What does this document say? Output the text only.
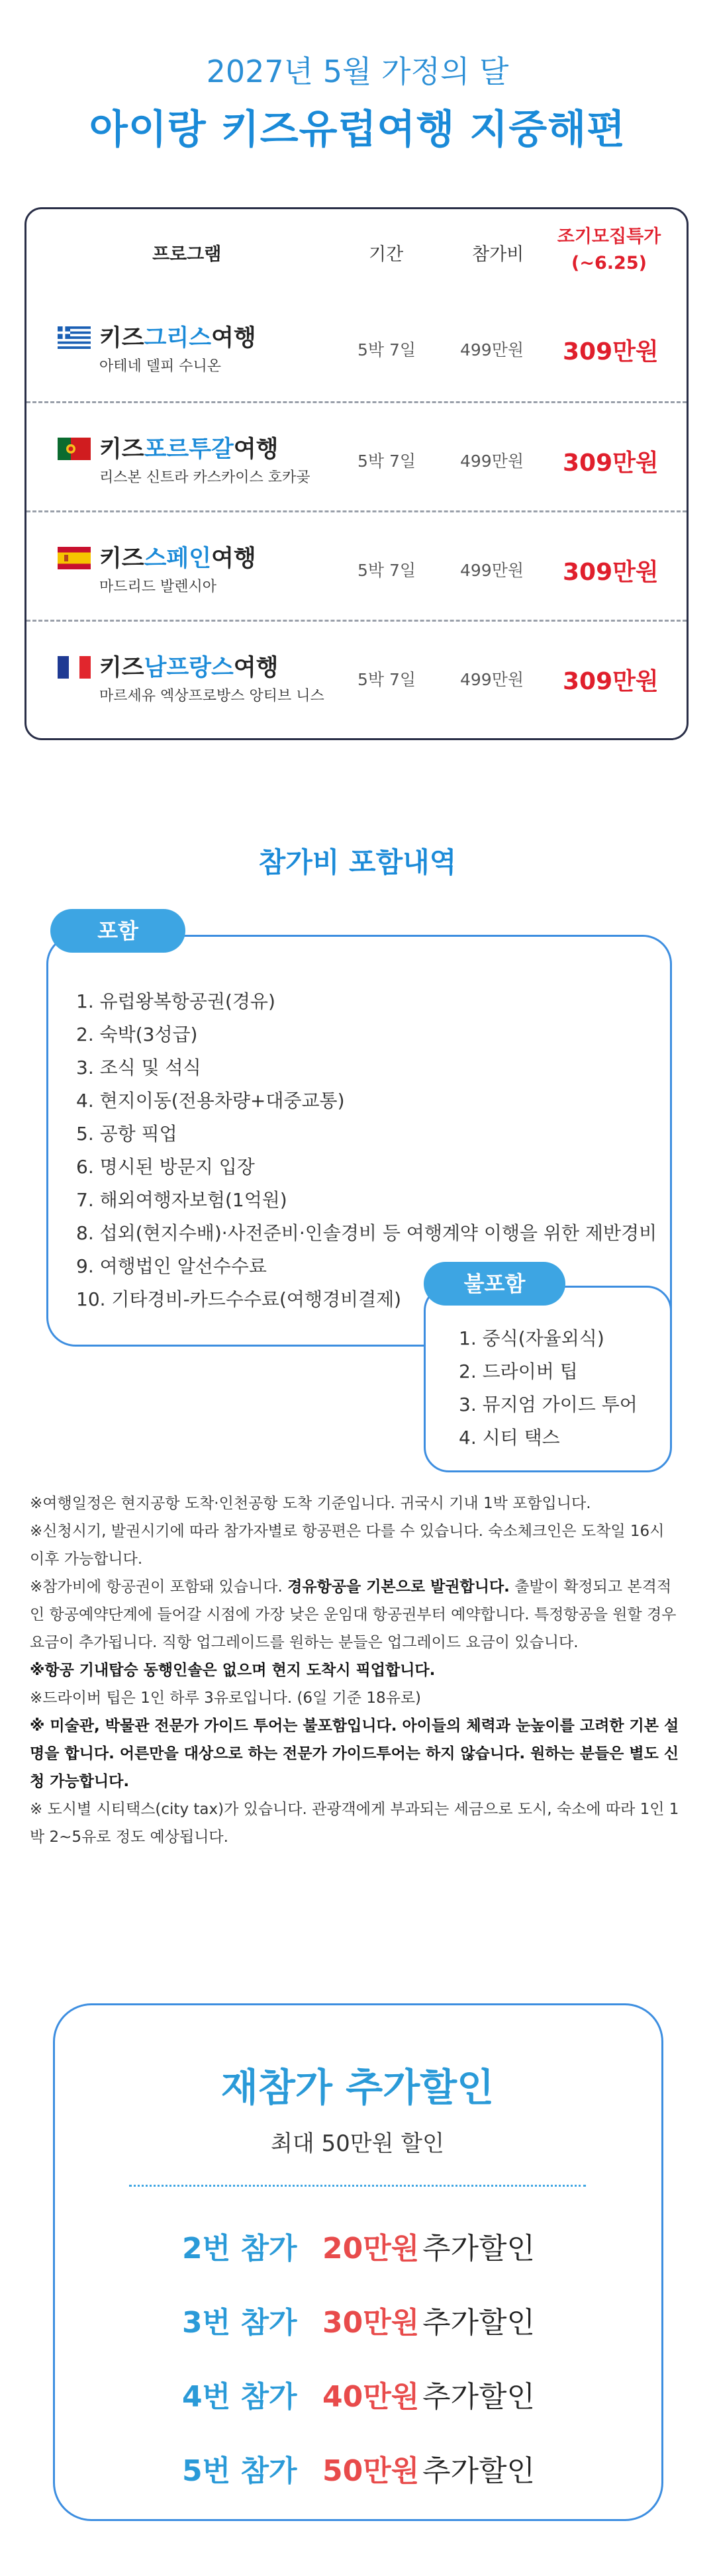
2027년 5월 가정의 달
아이랑 키즈유럽여행 지중해편
프로그램	기간	참가비
조기모집특가
(~6.25)
키즈그리스여행
아테네 델피 수니온
5박 7일	499만원 309만원
키즈포르투갈여행
리스본 신트라 카스카이스 호카곶
5박 7일	499만원 309만원
키즈스페인여행
마드리드 발렌시아
5박 7일	499만원 309만원
키즈남프랑스여행
마르세유 엑상프로방스 앙티브 니스
5박 7일	499만원 309만원
참가비 포함내역
포함
1. 유럽왕복항공권(경유)
2. 숙박(3성급)
3. 조식 및 석식
4. 현지이동(전용차량+대중교통)
5. 공항 픽업
6. 명시된 방문지 입장
7. 해외여행자보험(1억원)
8. 섭외(현지수배)·사전준비·인솔경비 등 여행계약 이행을 위한 제반경비
9. 여행법인 알선수수료
10. 기타경비-카드수수료(여행경비결제)
불포함
1. 중식(자율외식)
2. 드라이버 팁
3. 뮤지엄 가이드 투어
4. 시티 택스

※여행일정은 현지공항 도착·인천공항 도착 기준입니다. 귀국시 기내 1박 포함입니다.

※신청시기, 발권시기에 따라 참가자별로 항공편은 다를 수 있습니다. 숙소체크인은 도착일 16시 이후 가능합니다.

※참가비에 항공권이 포함돼 있습니다. 경유항공을 기본으로 발권합니다. 출발이 확정되고 본격적인 항공예약단계에 들어갈 시점에 가장 낮은 운임대 항공권부터 예약합니다. 특정항공을 원할 경우 요금이 추가됩니다. 직항 업그레이드를 원하는 분들은 업그레이드 요금이 있습니다.

※항공 기내탑승 동행인솔은 없으며 현지 도착시 픽업합니다.

※드라이버 팁은 1인 하루 3유로입니다. (6일 기준 18유로)

※ 미술관, 박물관 전문가 가이드 투어는 불포함입니다. 아이들의 체력과 눈높이를 고려한 기본 설명을 합니다. 어른만을 대상으로 하는 전문가 가이드투어는 하지 않습니다. 원하는 분들은 별도 신청 가능합니다.

※ 도시별 시티택스(city tax)가 있습니다. 관광객에게 부과되는 세금으로 도시, 숙소에 따라 1인 1박 2~5유로 정도 예상됩니다.

재참가 추가할인
최대 50만원 할인
2번 참가 20만원 추가할인
3번 참가 30만원 추가할인
4번 참가 40만원 추가할인
5번 참가 50만원 추가할인
